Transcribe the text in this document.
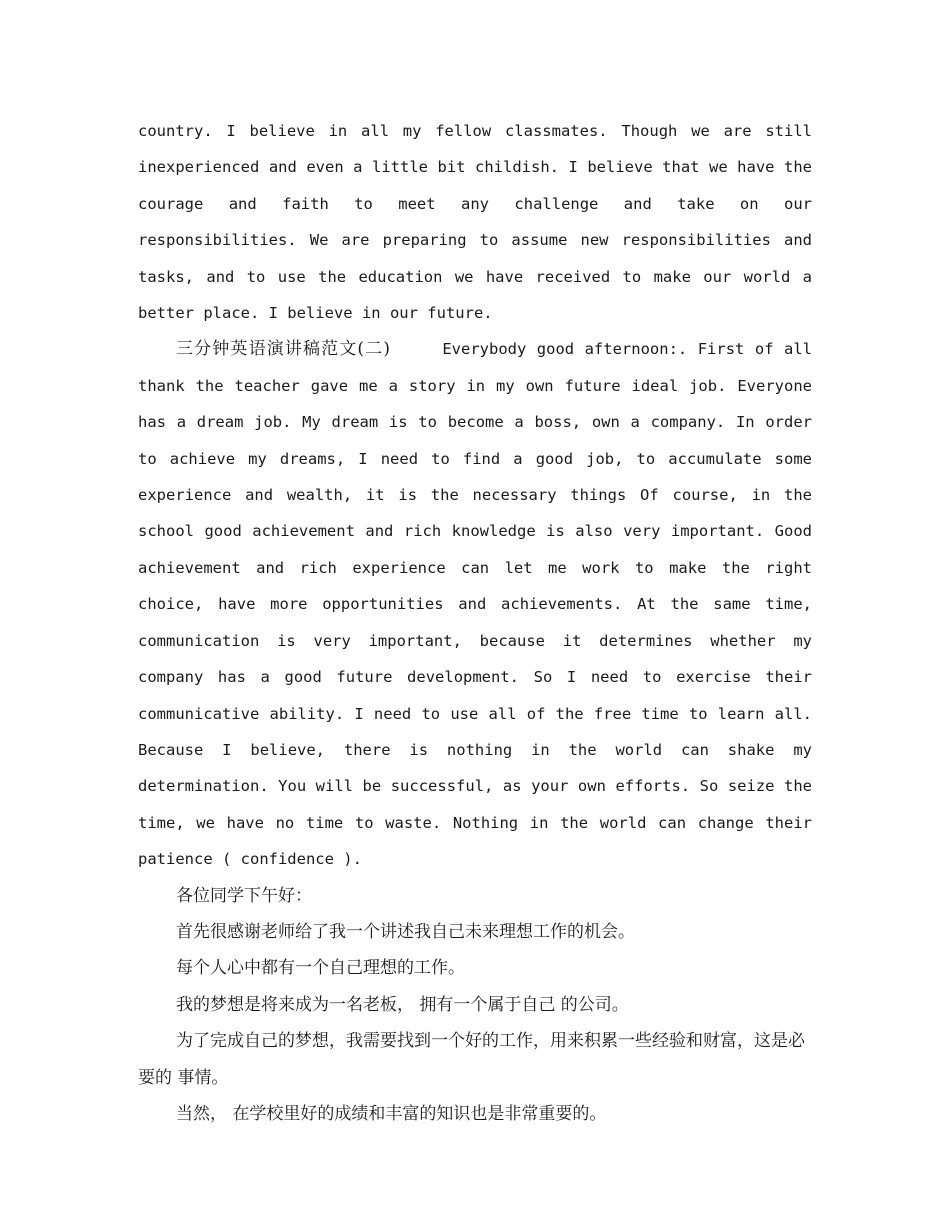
country. I believe in all my fellow classmates. Though we are still inexperienced and even a little bit childish. I believe that we have the courage and faith to meet any challenge and take on our responsibilities. We are preparing to assume new responsibilities and tasks, and to use the education we have received to make our world a better place. I believe in our future.

三分钟英语演讲稿范文(二)	Everybody good afternoon:. First of all thank the teacher gave me a story in my own future ideal job. Everyone has a dream job. My dream is to become a boss, own a company. In order to achieve my dreams, I need to find a good job, to accumulate some experience and wealth, it is the necessary things Of course, in the school good achievement and rich knowledge is also very important. Good achievement and rich experience can let me work to make the right choice, have more opportunities and achievements. At the same time, communication is very important, because it determines whether my company has a good future development. So I need to exercise their communicative ability. I need to use all of the free time to learn all. Because I believe, there is nothing in the world can shake my determination. You will be successful, as your own efforts. So seize the time, we have no time to waste. Nothing in the world can change their patience ( confidence ).

各位同学下午好：

首先很感谢老师给了我一个讲述我自己未来理想工作的机会。

每个人心中都有一个自己理想的工作。

我的梦想是将来成为一名老板， 拥有一个属于自己 的公司。

为了完成自己的梦想，我需要找到一个好的工作，用来积累一些经验和财富，这是必要的 事情。

当然， 在学校里好的成绩和丰富的知识也是非常重要的。
